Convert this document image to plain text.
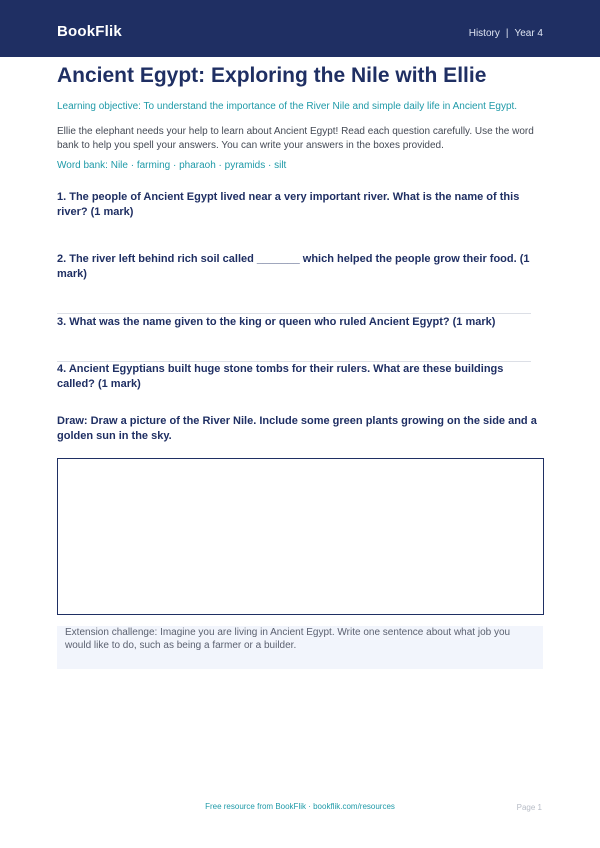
BookFlik	History | Year 4
Ancient Egypt: Exploring the Nile with Ellie
Learning objective: To understand the importance of the River Nile and simple daily life in Ancient Egypt.
Ellie the elephant needs your help to learn about Ancient Egypt! Read each question carefully. Use the word bank to help you spell your answers. You can write your answers in the boxes provided.
Word bank: Nile · farming · pharaoh · pyramids · silt
1. The people of Ancient Egypt lived near a very important river. What is the name of this river? (1 mark)
2. The river left behind rich soil called _______ which helped the people grow their food. (1 mark)
3. What was the name given to the king or queen who ruled Ancient Egypt? (1 mark)
4. Ancient Egyptians built huge stone tombs for their rulers. What are these buildings called? (1 mark)
Draw: Draw a picture of the River Nile. Include some green plants growing on the side and a golden sun in the sky.
Extension challenge: Imagine you are living in Ancient Egypt. Write one sentence about what job you would like to do, such as being a farmer or a builder.
Free resource from BookFlik · bookflik.com/resources	Page 1
